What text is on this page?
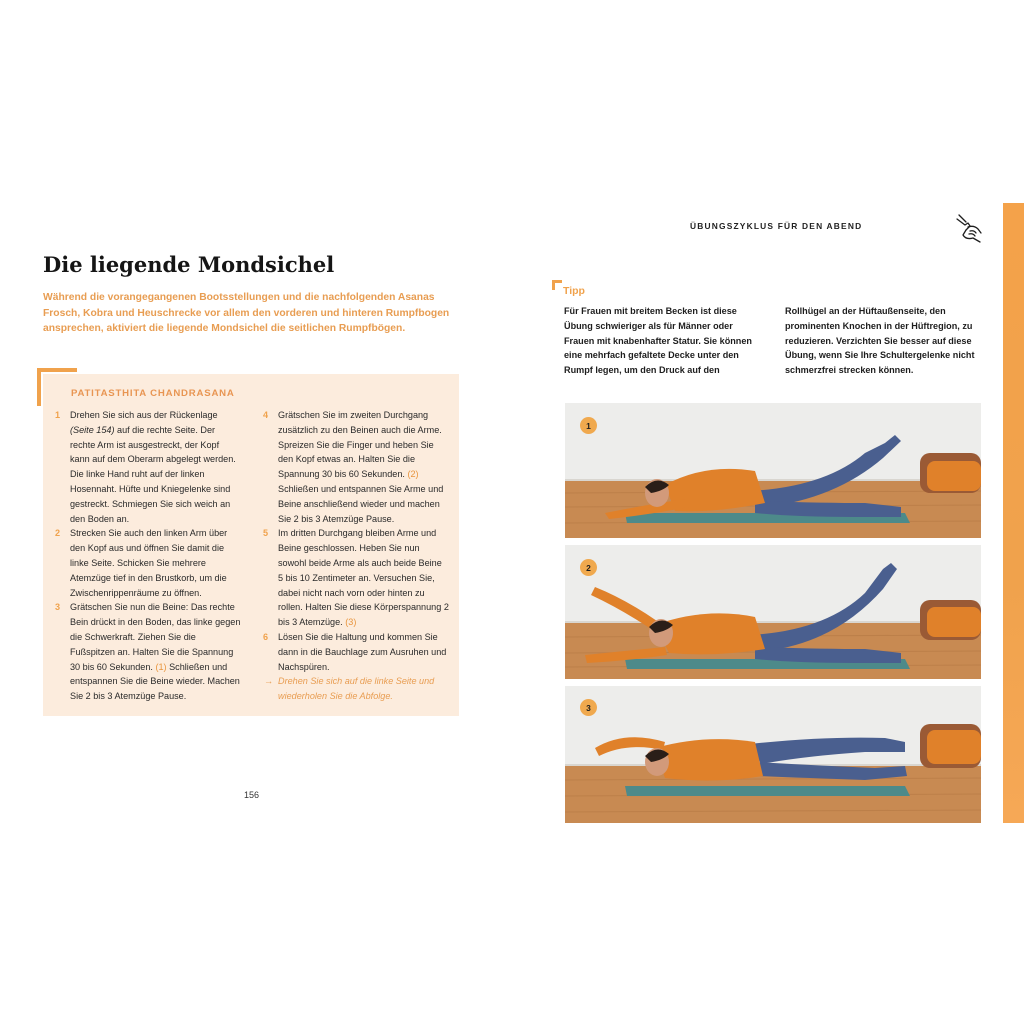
Die liegende Mondsichel
Während die vorangegangenen Bootsstellungen und die nachfolgenden Asanas Frosch, Kobra und Heuschrecke vor allem den vorderen und hinteren Rumpfbogen ansprechen, aktiviert die liegende Mondsichel die seitlichen Rumpfbögen.
PATITASTHITA CHANDRASANA
1 Drehen Sie sich aus der Rückenlage (Seite 154) auf die rechte Seite. Der rechte Arm ist ausgestreckt, der Kopf kann auf dem Oberarm abgelegt werden. Die linke Hand ruht auf der linken Hosennaht. Hüfte und Kniegelenke sind gestreckt. Schmiegen Sie sich weich an den Boden an.
2 Strecken Sie auch den linken Arm über den Kopf aus und öffnen Sie damit die linke Seite. Schicken Sie mehrere Atemzüge tief in den Brustkorb, um die Zwischenrippenräume zu öffnen.
3 Grätschen Sie nun die Beine: Das rechte Bein drückt in den Boden, das linke gegen die Schwerkraft. Ziehen Sie die Fußspitzen an. Halten Sie die Spannung 30 bis 60 Sekunden. (1) Schließen und entspannen Sie die Beine wieder. Machen Sie 2 bis 3 Atemzüge Pause.
4 Grätschen Sie im zweiten Durchgang zusätzlich zu den Beinen auch die Arme. Spreizen Sie die Finger und heben Sie den Kopf etwas an. Halten Sie die Spannung 30 bis 60 Sekunden. (2) Schließen und entspannen Sie Arme und Beine anschließend wieder und machen Sie 2 bis 3 Atemzüge Pause.
5 Im dritten Durchgang bleiben Arme und Beine geschlossen. Heben Sie nun sowohl beide Arme als auch beide Beine 5 bis 10 Zentimeter an. Versuchen Sie, dabei nicht nach vorn oder hinten zu rollen. Halten Sie diese Körperspannung 2 bis 3 Atemzüge. (3)
6 Lösen Sie die Haltung und kommen Sie dann in die Bauchlage zum Ausruhen und Nachspüren.
→ Drehen Sie sich auf die linke Seite und wiederholen Sie die Abfolge.
156
ÜBUNGSZYKLUS FÜR DEN ABEND
Tipp
Für Frauen mit breitem Becken ist diese Übung schwieriger als für Männer oder Frauen mit knabenhafter Statur. Sie können eine mehrfach gefaltete Decke unter den Rumpf legen, um den Druck auf den
Rollhügel an der Hüftaußenseite, den prominenten Knochen in der Hüftregion, zu reduzieren. Verzichten Sie besser auf diese Übung, wenn Sie Ihre Schultergelenke nicht schmerzfrei strecken können.
1
2
3
